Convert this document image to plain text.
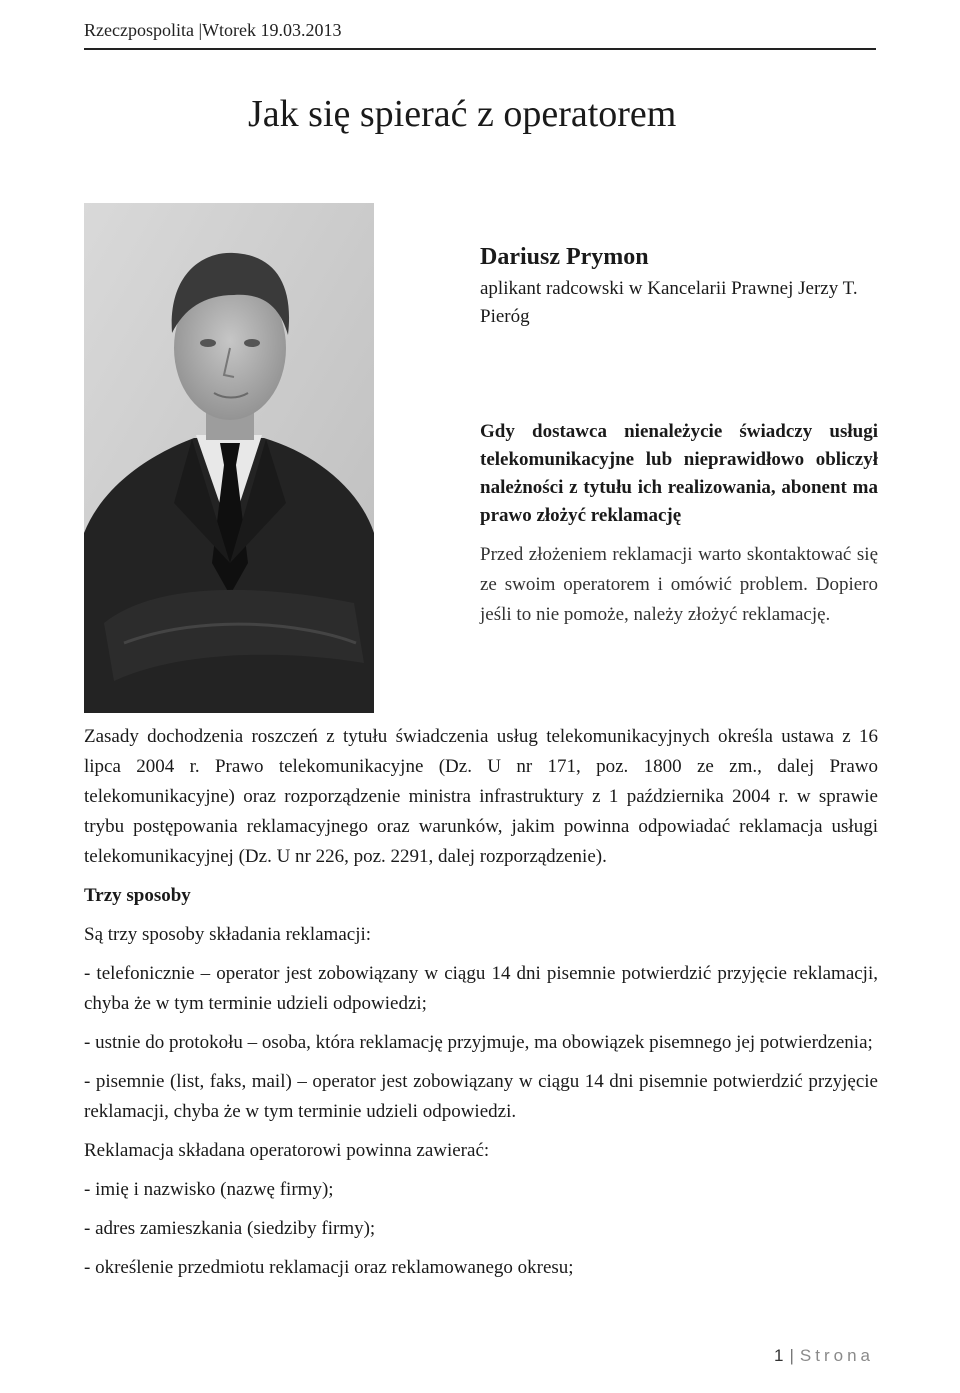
Rzeczpospolita |Wtorek 19.03.2013
Jak się spierać z operatorem
Dariusz Prymon
aplikant radcowski w Kancelarii Prawnej Jerzy T. Pieróg
Gdy dostawca nienależycie świadczy usługi telekomunikacyjne lub nieprawidłowo obliczył należności z tytułu ich realizowania, abonent ma prawo złożyć reklamację
Przed złożeniem reklamacji warto skontaktować się ze swoim operatorem i omówić problem. Dopiero jeśli to nie pomoże, należy złożyć reklamację.

Zasady dochodzenia roszczeń z tytułu świadczenia usług telekomunikacyjnych określa ustawa z 16 lipca 2004 r. Prawo telekomunikacyjne (Dz. U nr 171, poz. 1800 ze zm., dalej Prawo telekomunikacyjne) oraz rozporządzenie ministra infrastruktury z 1 października 2004 r. w sprawie trybu postępowania reklamacyjnego oraz warunków, jakim powinna odpowiadać reklamacja usługi telekomunikacyjnej (Dz. U nr 226, poz. 2291, dalej rozporządzenie).

Trzy sposoby

Są trzy sposoby składania reklamacji:

- telefonicznie – operator jest zobowiązany w ciągu 14 dni pisemnie potwierdzić przyjęcie reklamacji, chyba że w tym terminie udzieli odpowiedzi;

- ustnie do protokołu – osoba, która reklamację przyjmuje, ma obowiązek pisemnego jej potwierdzenia;

- pisemnie (list, faks, mail) – operator jest zobowiązany w ciągu 14 dni pisemnie potwierdzić przyjęcie reklamacji, chyba że w tym terminie udzieli odpowiedzi.

Reklamacja składana operatorowi powinna zawierać:

- imię i nazwisko (nazwę firmy);

- adres zamieszkania (siedziby firmy);

- określenie przedmiotu reklamacji oraz reklamowanego okresu;

1 | Strona
